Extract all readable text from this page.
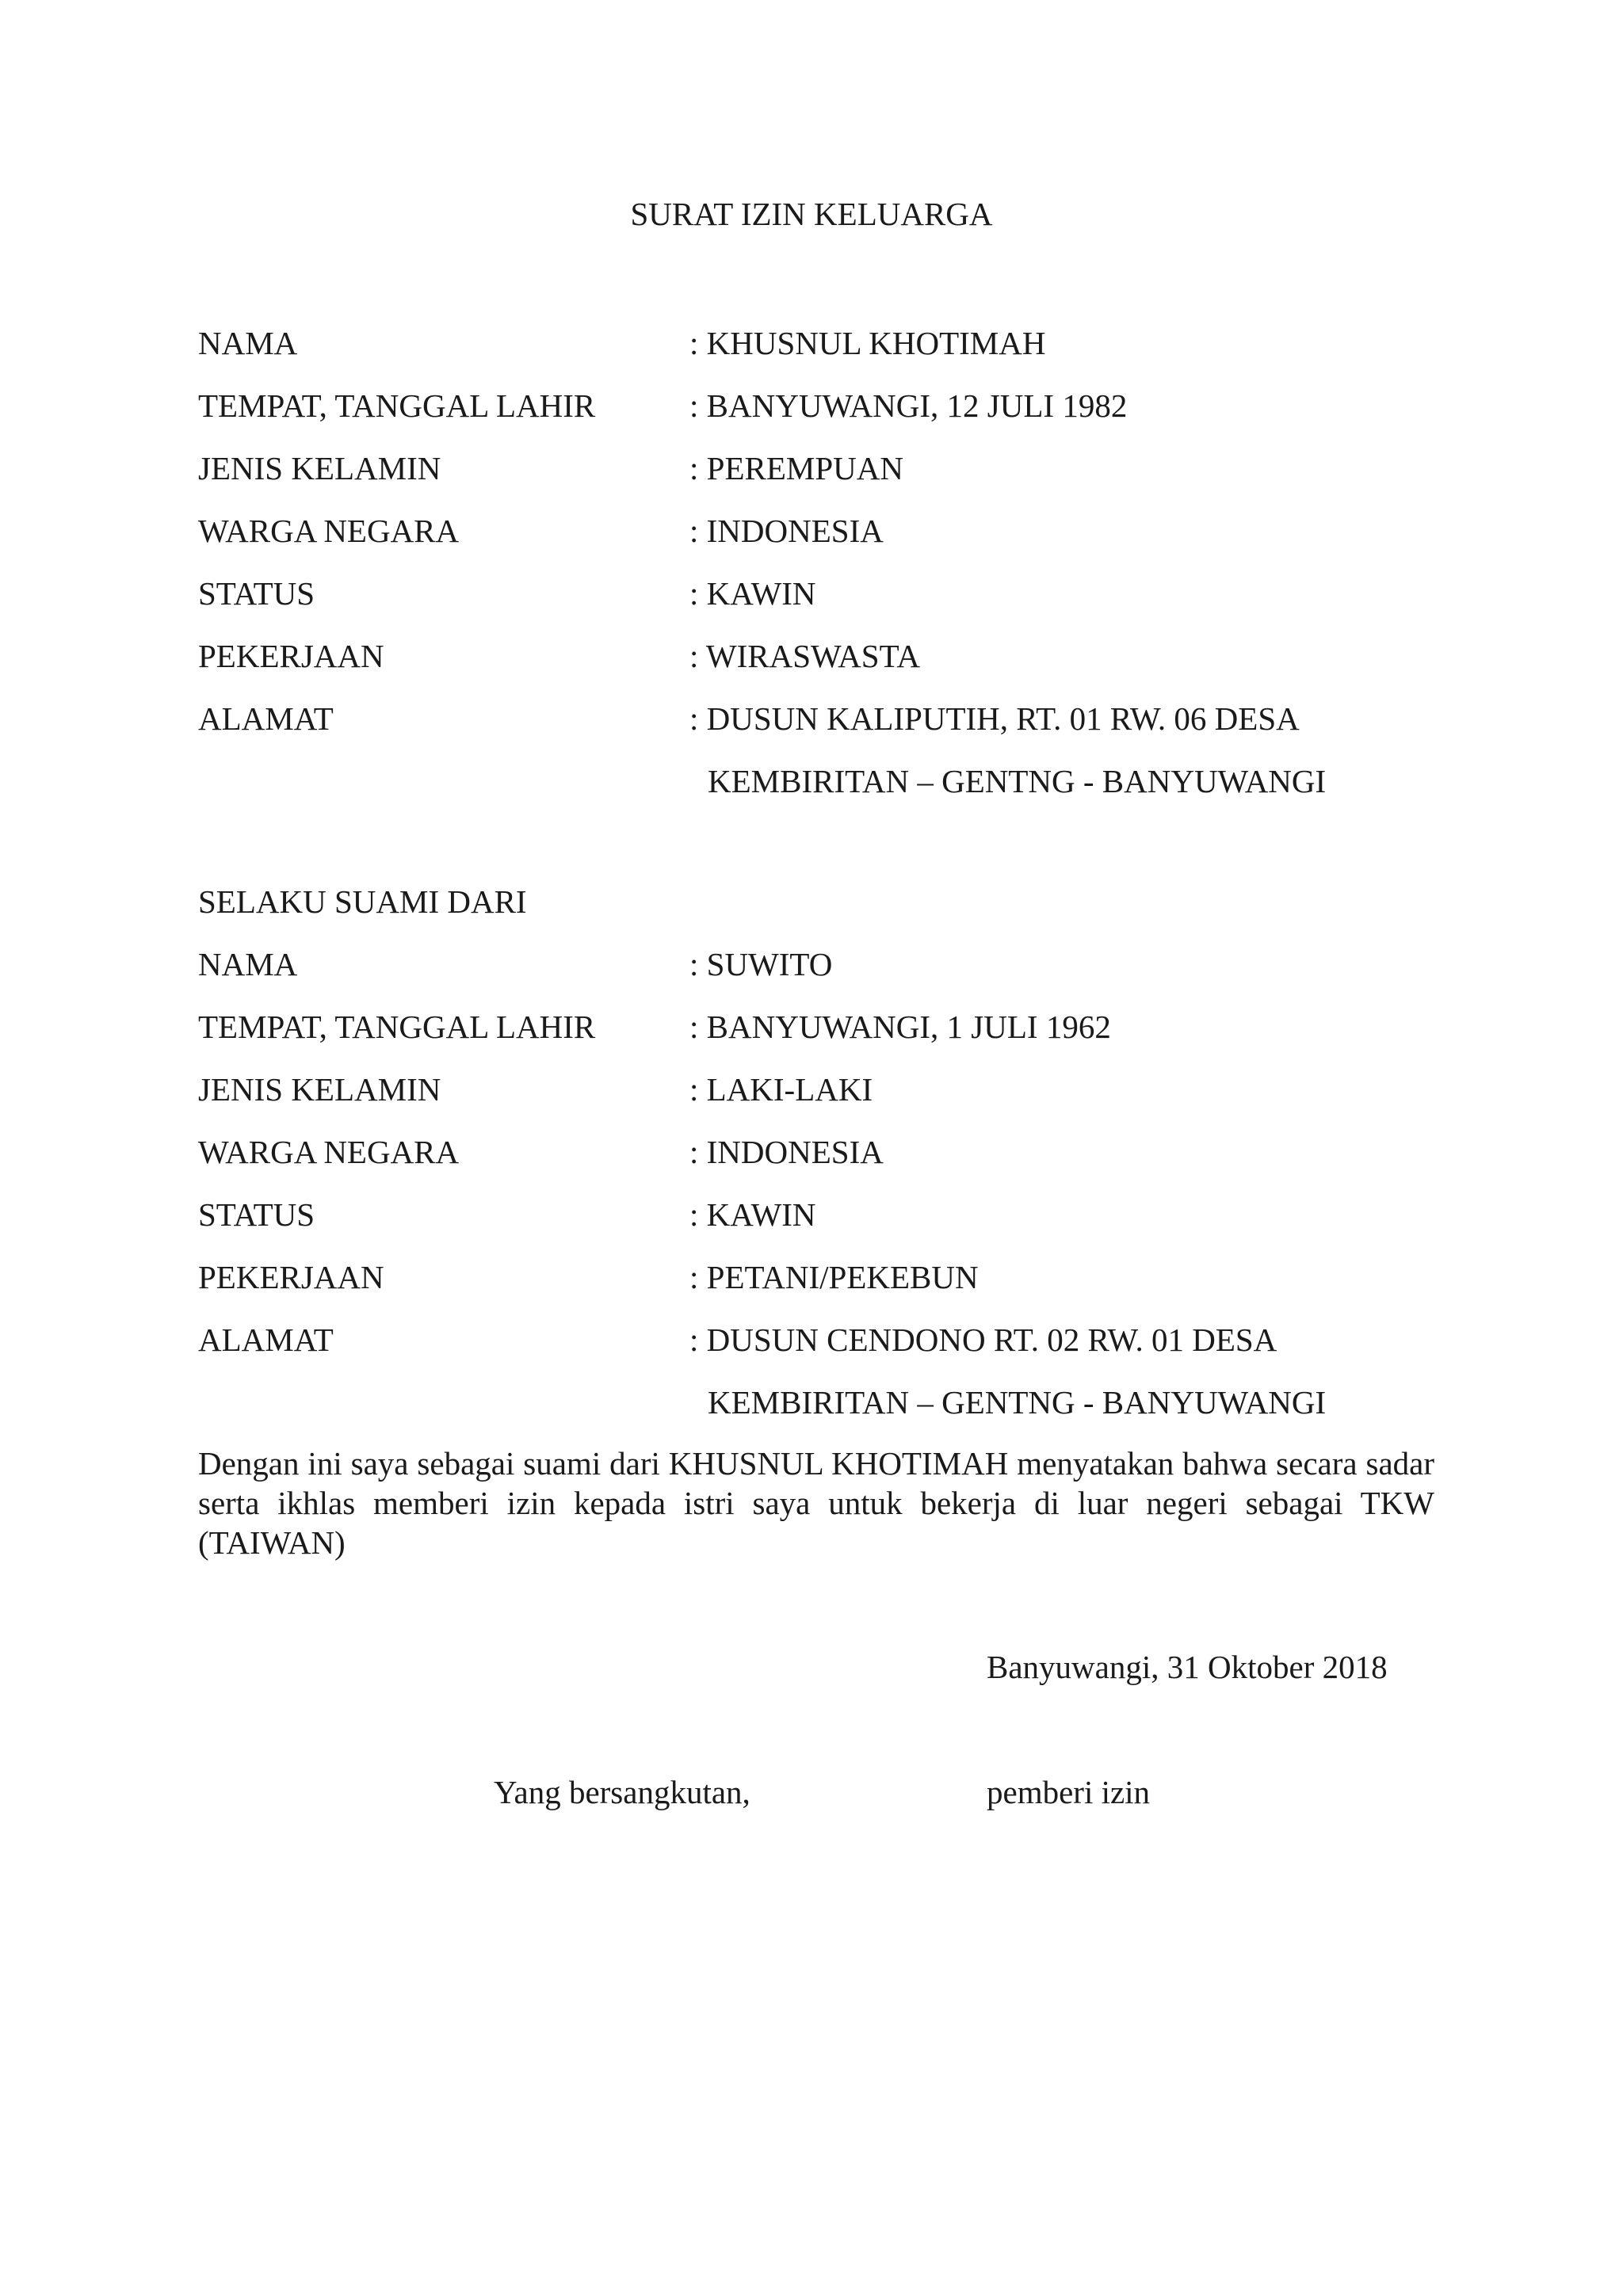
SURAT IZIN KELUARGA
NAMA	: KHUSNUL KHOTIMAH
TEMPAT, TANGGAL LAHIR	: BANYUWANGI, 12 JULI 1982
JENIS KELAMIN	: PEREMPUAN
WARGA NEGARA	: INDONESIA
STATUS	: KAWIN
PEKERJAAN	: WIRASWASTA
ALAMAT	: DUSUN KALIPUTIH, RT. 01 RW. 06 DESA
KEMBIRITAN – GENTNG - BANYUWANGI
SELAKU SUAMI DARI
NAMA	: SUWITO
TEMPAT, TANGGAL LAHIR	: BANYUWANGI, 1 JULI 1962
JENIS KELAMIN	: LAKI-LAKI
WARGA NEGARA	: INDONESIA
STATUS	: KAWIN
PEKERJAAN	: PETANI/PEKEBUN
ALAMAT	: DUSUN CENDONO RT. 02 RW. 01 DESA
KEMBIRITAN – GENTNG - BANYUWANGI
Dengan ini saya sebagai suami dari KHUSNUL KHOTIMAH menyatakan bahwa secara sadar serta ikhlas memberi izin kepada istri saya untuk bekerja di luar negeri sebagai TKW (TAIWAN)
Banyuwangi, 31 Oktober 2018
Yang bersangkutan,	pemberi izin
